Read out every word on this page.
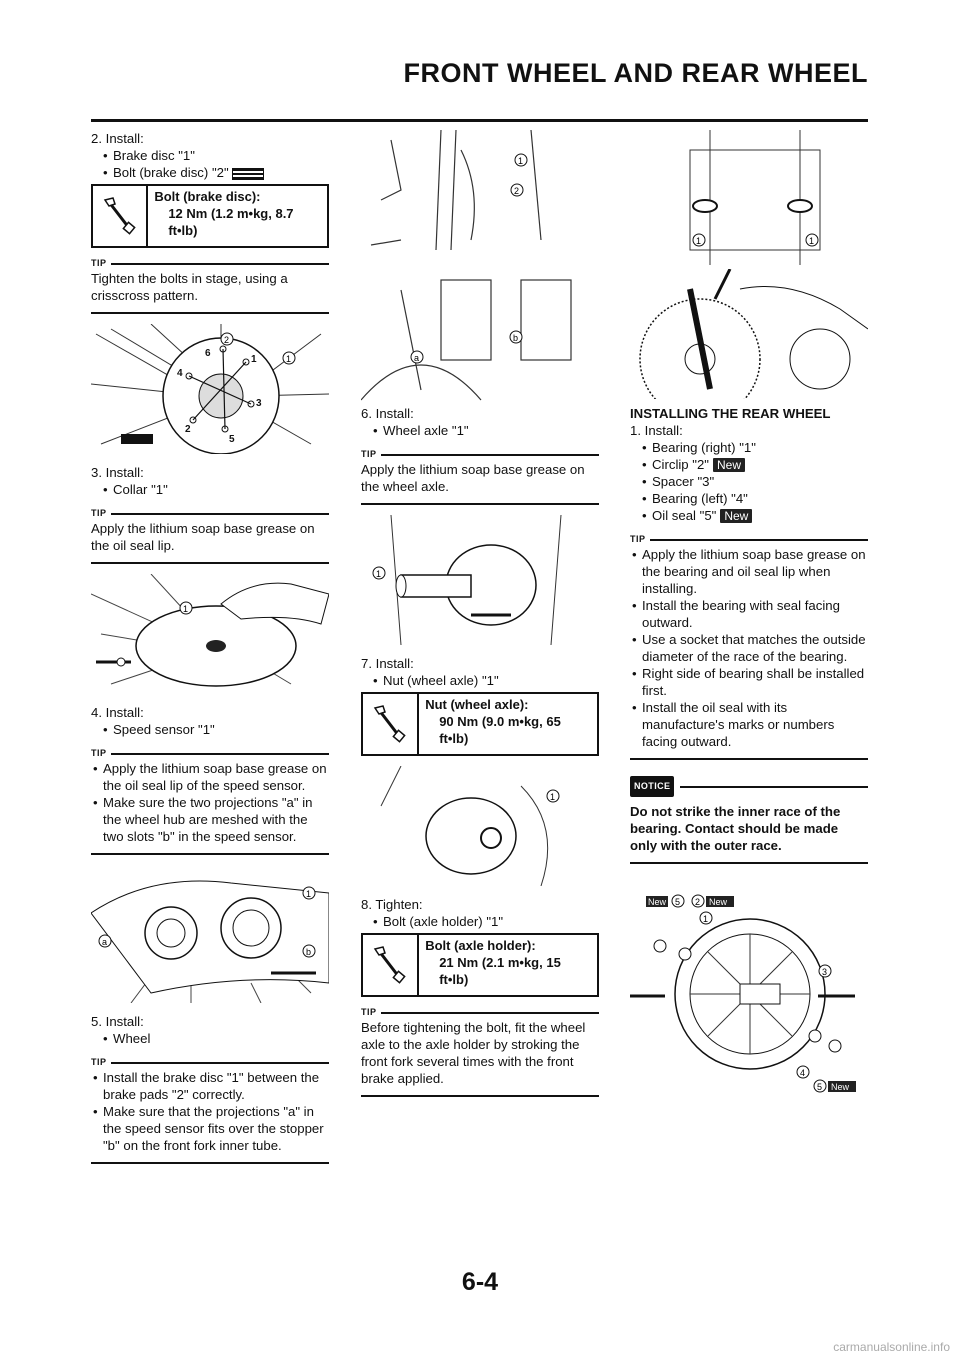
FRONT WHEEL AND REAR WHEEL

2. Install:

• Brake disc "1"

• Bolt (brake disc) "2"

Bolt (brake disc):
12 Nm (1.2 m•kg, 8.7 ft•lb)
TIP

Tighten the bolts in stage, using a crisscross pattern.

6
1
3
5
2
4
2
1

3. Install:

• Collar "1"

TIP

Apply the lithium soap base grease on the oil seal lip.

1

4. Install:

• Speed sensor "1"

TIP

• Apply the lithium soap base grease on the oil seal lip of the speed sensor.

• Make sure the two projections "a" in the wheel hub are meshed with the two slots "b" in the speed sensor.

a
1
b

5. Install:

• Wheel

TIP

• Install the brake disc "1" between the brake pads "2" correctly.

• Make sure that the projections "a" in the speed sensor fits over the stopper "b" on the front fork inner tube.

1
2
a
b

6. Install:

• Wheel axle "1"

TIP

Apply the lithium soap base grease on the wheel axle.

1

7. Install:

• Nut (wheel axle) "1"

Nut (wheel axle):
90 Nm (9.0 m•kg, 65 ft•lb)
1

8. Tighten:

• Bolt (axle holder) "1"

Bolt (axle holder):
21 Nm (2.1 m•kg, 15 ft•lb)
TIP

Before tightening the bolt, fit the wheel axle to the axle holder by stroking the front fork several times with the front brake applied.

1	1
INSTALLING THE REAR WHEEL

1. Install:

• Bearing (right) "1"

• Circlip "2" New

• Spacer "3"

• Bearing (left) "4"

• Oil seal "5" New

TIP

• Apply the lithium soap base grease on the bearing and oil seal lip when installing.

• Install the bearing with seal facing outward.

• Use a socket that matches the outside diameter of the race of the bearing.

• Right side of bearing shall be installed first.

• Install the oil seal with its manufacture's marks or numbers facing outward.

NOTICE
Do not strike the inner race of the bearing. Contact should be made only with the outer race.
New 5 2 New
1
3
4
5 New
6-4
carmanualsonline.info
